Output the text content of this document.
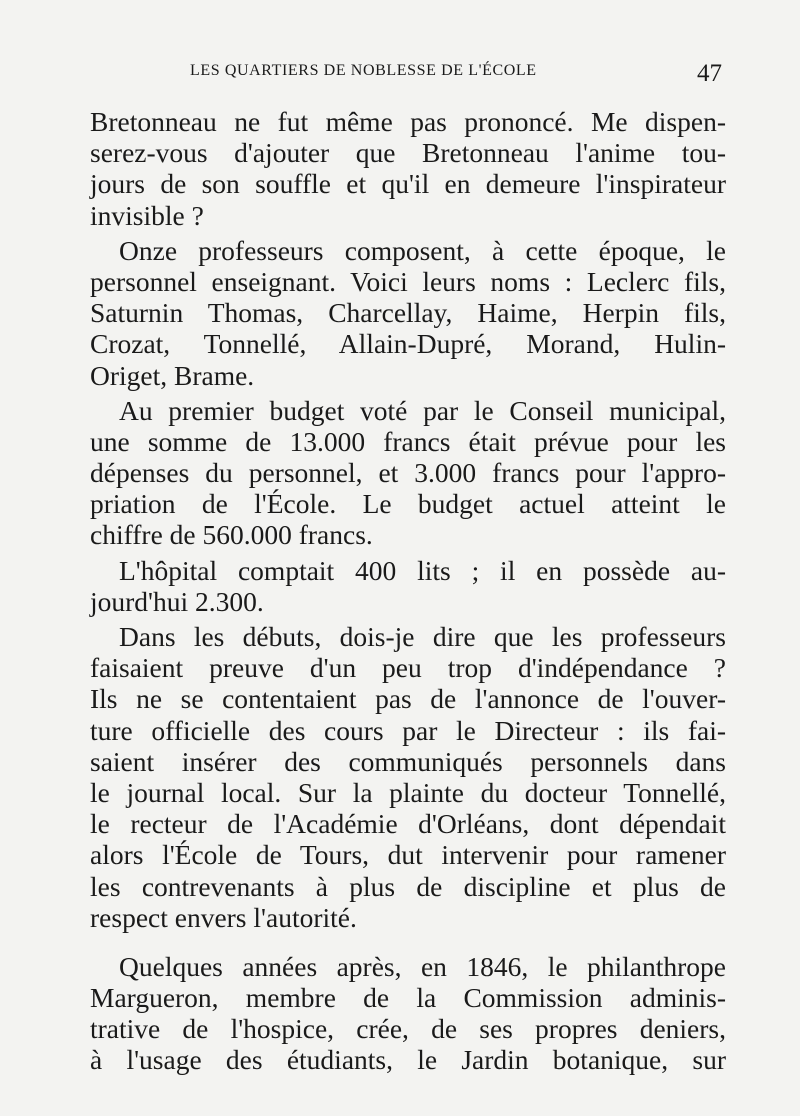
LES QUARTIERS DE NOBLESSE DE L'ÉCOLE	47
Bretonneau ne fut même pas prononcé. Me dispen-
serez-vous d'ajouter que Bretonneau l'anime tou-
jours de son souffle et qu'il en demeure l'inspirateur
invisible ?
Onze professeurs composent, à cette époque, le
personnel enseignant. Voici leurs noms : Leclerc fils,
Saturnin Thomas, Charcellay, Haime, Herpin fils,
Crozat, Tonnellé, Allain-Dupré, Morand, Hulin-
Origet, Brame.
Au premier budget voté par le Conseil municipal,
une somme de 13.000 francs était prévue pour les
dépenses du personnel, et 3.000 francs pour l'appro-
priation de l'École. Le budget actuel atteint le
chiffre de 560.000 francs.
L'hôpital comptait 400 lits ; il en possède au-
jourd'hui 2.300.
Dans les débuts, dois-je dire que les professeurs
faisaient preuve d'un peu trop d'indépendance ?
Ils ne se contentaient pas de l'annonce de l'ouver-
ture officielle des cours par le Directeur : ils fai-
saient insérer des communiqués personnels dans
le journal local. Sur la plainte du docteur Tonnellé,
le recteur de l'Académie d'Orléans, dont dépendait
alors l'École de Tours, dut intervenir pour ramener
les contrevenants à plus de discipline et plus de
respect envers l'autorité.
Quelques années après, en 1846, le philanthrope
Margueron, membre de la Commission adminis-
trative de l'hospice, crée, de ses propres deniers,
à l'usage des étudiants, le Jardin botanique, sur
